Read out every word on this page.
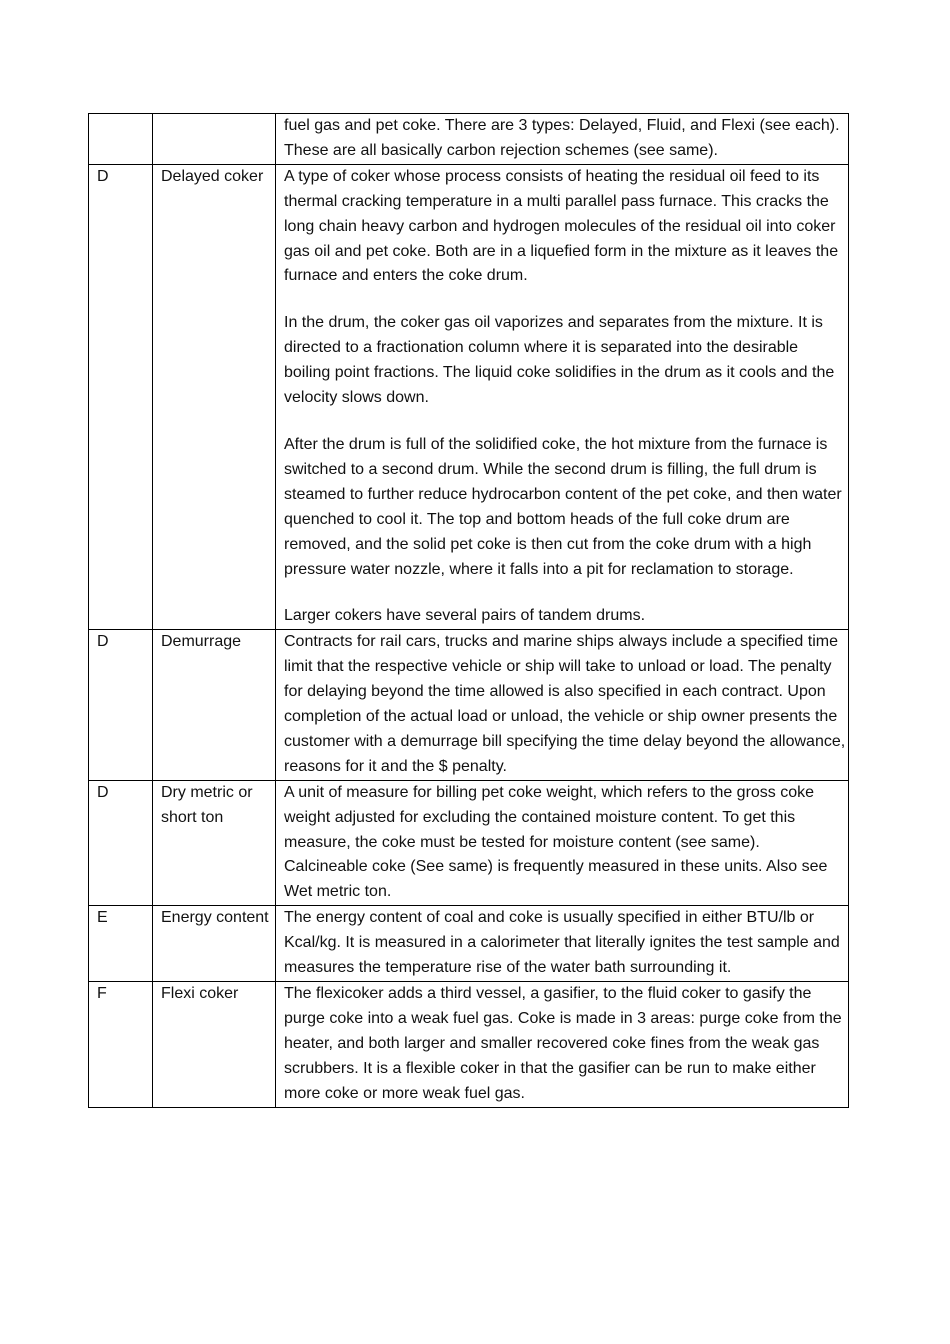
		fuel gas and pet coke. There are 3 types: Delayed, Fluid, and Flexi (see each). These are all basically carbon rejection schemes (see same).

D	Delayed coker	A type of coker whose process consists of heating the residual oil feed to its thermal cracking temperature in a multi parallel pass furnace. This cracks the long chain heavy carbon and hydrogen molecules of the residual oil into coker gas oil and pet coke. Both are in a liquefied form in the mixture as it leaves the furnace and enters the coke drum.

In the drum, the coker gas oil vaporizes and separates from the mixture. It is directed to a fractionation column where it is separated into the desirable boiling point fractions. The liquid coke solidifies in the drum as it cools and the velocity slows down.

After the drum is full of the solidified coke, the hot mixture from the furnace is switched to a second drum. While the second drum is filling, the full drum is steamed to further reduce hydrocarbon content of the pet coke, and then water quenched to cool it. The top and bottom heads of the full coke drum are removed, and the solid pet coke is then cut from the coke drum with a high pressure water nozzle, where it falls into a pit for reclamation to storage.

Larger cokers have several pairs of tandem drums.

D	Demurrage	Contracts for rail cars, trucks and marine ships always include a specified time limit that the respective vehicle or ship will take to unload or load. The penalty for delaying beyond the time allowed is also specified in each contract. Upon completion of the actual load or unload, the vehicle or ship owner presents the customer with a demurrage bill specifying the time delay beyond the allowance, reasons for it and the $ penalty.

D	Dry metric or short ton	A unit of measure for billing pet coke weight, which refers to the gross coke weight adjusted for excluding the contained moisture content. To get this measure, the coke must be tested for moisture content (see same). Calcineable coke (See same) is frequently measured in these units. Also see Wet metric ton.

E	Energy content	The energy content of coal and coke is usually specified in either BTU/lb or Kcal/kg. It is measured in a calorimeter that literally ignites the test sample and measures the temperature rise of the water bath surrounding it.

F	Flexi coker	The flexicoker adds a third vessel, a gasifier, to the fluid coker to gasify the purge coke into a weak fuel gas. Coke is made in 3 areas: purge coke from the heater, and both larger and smaller recovered coke fines from the weak gas scrubbers. It is a flexible coker in that the gasifier can be run to make either more coke or more weak fuel gas.
